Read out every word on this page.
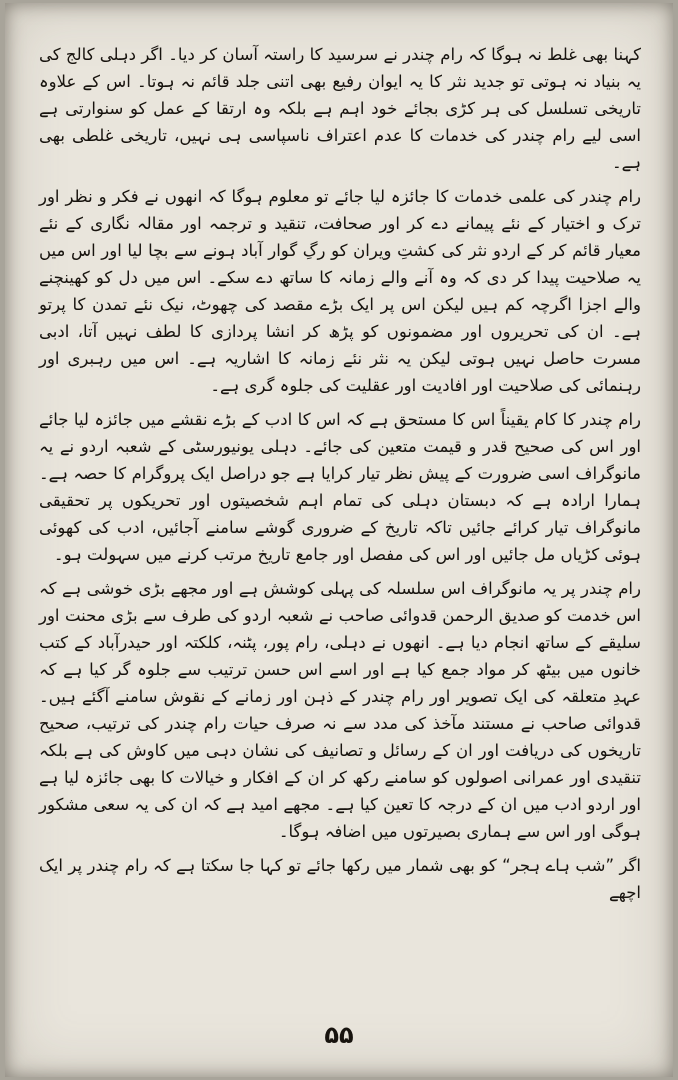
کہنا بھی غلط نہ ہوگا کہ رام چندر نے سرسید کا راستہ آسان کر دیا۔ اگر دہلی کالج کی یہ بنیاد نہ ہوتی تو جدید نثر کا یہ ایوان رفیع بھی اتنی جلد قائم نہ ہوتا۔ اس کے علاوہ تاریخی تسلسل کی ہر کڑی بجائے خود اہم ہے بلکہ وہ ارتقا کے عمل کو سنوارتی ہے اسی لیے رام چندر کی خدمات کا عدم اعتراف ناسپاسی ہی نہیں، تاریخی غلطی بھی ہے۔

رام چندر کی علمی خدمات کا جائزہ لیا جائے تو معلوم ہوگا کہ انھوں نے فکر و نظر اور ترک و اختیار کے نئے پیمانے دے کر اور صحافت، تنقید و ترجمہ اور مقالہ نگاری کے نئے معیار قائم کر کے اردو نثر کی کشتِ ویران کو رگِ گوار آباد ہونے سے بچا لیا اور اس میں یہ صلاحیت پیدا کر دی کہ وہ آنے والے زمانہ کا ساتھ دے سکے۔ اس میں دل کو کھینچنے والے اجزا اگرچہ کم ہیں لیکن اس پر ایک بڑے مقصد کی چھوٹ، نیک نئے تمدن کا پرتو ہے۔ ان کی تحریروں اور مضمونوں کو پڑھ کر انشا پردازی کا لطف نہیں آتا، ادبی مسرت حاصل نہیں ہوتی لیکن یہ نثر نئے زمانہ کا اشاریہ ہے۔ اس میں رہبری اور رہنمائی کی صلاحیت اور افادیت اور عقلیت کی جلوہ گری ہے۔

رام چندر کا کام یقیناً اس کا مستحق ہے کہ اس کا ادب کے بڑے نقشے میں جائزہ لیا جائے اور اس کی صحیح قدر و قیمت متعین کی جائے۔ دہلی یونیورسٹی کے شعبہ اردو نے یہ مانوگراف اسی ضرورت کے پیش نظر تیار کرایا ہے جو دراصل ایک پروگرام کا حصہ ہے۔ ہمارا ارادہ ہے کہ دبستان دہلی کی تمام اہم شخصیتوں اور تحریکوں پر تحقیقی مانوگراف تیار کرائے جائیں تاکہ تاریخ کے ضروری گوشے سامنے آجائیں، ادب کی کھوئی ہوئی کڑیاں مل جائیں اور اس کی مفصل اور جامع تاریخ مرتب کرنے میں سہولت ہو۔

رام چندر پر یہ مانوگراف اس سلسلہ کی پہلی کوشش ہے اور مجھے بڑی خوشی ہے کہ اس خدمت کو صدیق الرحمن قدوائی صاحب نے شعبہ اردو کی طرف سے بڑی محنت اور سلیقے کے ساتھ انجام دیا ہے۔ انھوں نے دہلی، رام پور، پٹنہ، کلکتہ اور حیدرآباد کے کتب خانوں میں بیٹھ کر مواد جمع کیا ہے اور اسے اس حسن ترتیب سے جلوہ گر کیا ہے کہ عہدِ متعلقہ کی ایک تصویر اور رام چندر کے ذہن اور زمانے کے نقوش سامنے آگئے ہیں۔ قدوائی صاحب نے مستند مآخذ کی مدد سے نہ صرف حیات رام چندر کی ترتیب، صحیح تاریخوں کی دریافت اور ان کے رسائل و تصانیف کی نشان دہی میں کاوش کی ہے بلکہ تنقیدی اور عمرانی اصولوں کو سامنے رکھ کر ان کے افکار و خیالات کا بھی جائزہ لیا ہے اور اردو ادب میں ان کے درجہ کا تعین کیا ہے۔ مجھے امید ہے کہ ان کی یہ سعی مشکور ہوگی اور اس سے ہماری بصیرتوں میں اضافہ ہوگا۔

اگر ”شب ہاے ہجر“ کو بھی شمار میں رکھا جائے تو کہا جا سکتا ہے کہ رام چندر پر ایک اچھے

۵۵
